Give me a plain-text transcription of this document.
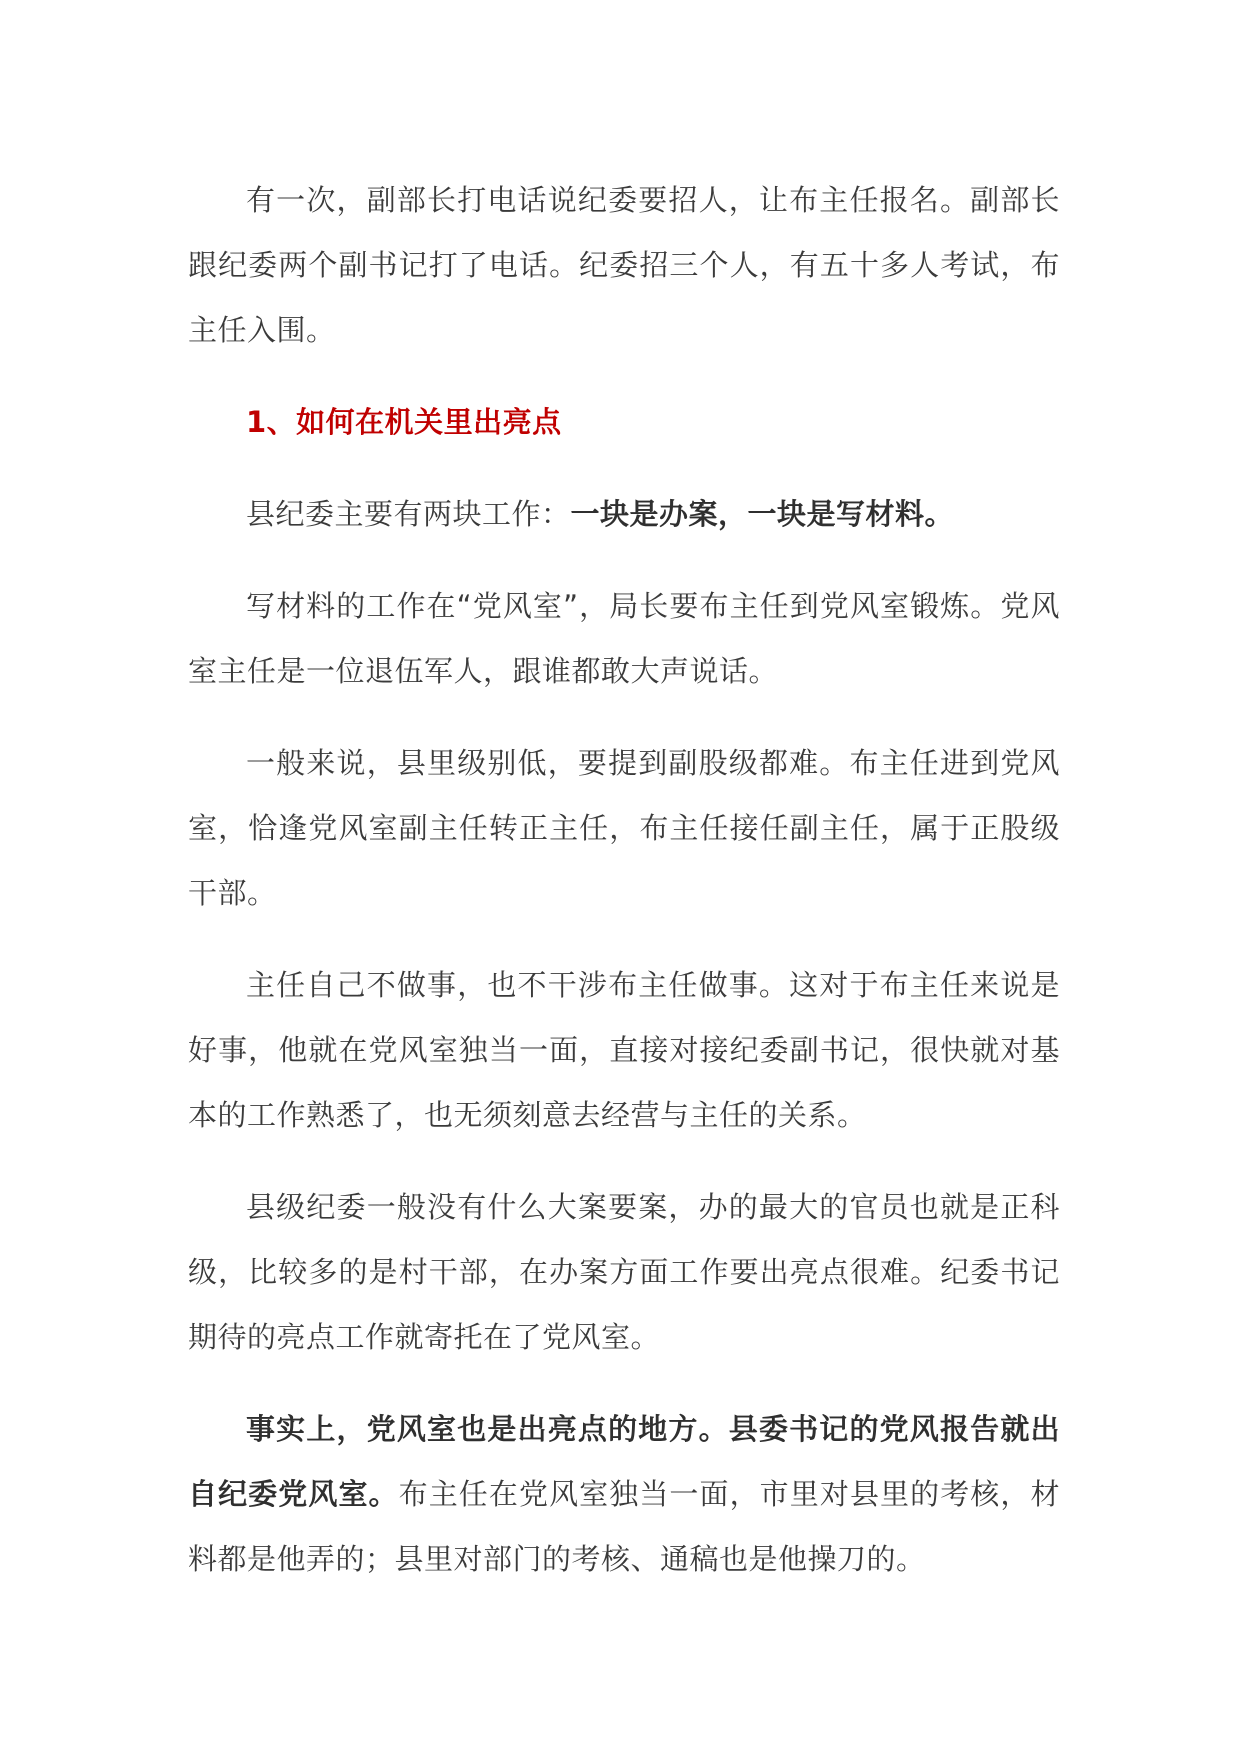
有一次，副部长打电话说纪委要招人，让布主任报名。副部长跟纪委两个副书记打了电话。纪委招三个人，有五十多人考试，布主任入围。

1、如何在机关里出亮点

县纪委主要有两块工作：一块是办案，一块是写材料。

写材料的工作在“党风室”，局长要布主任到党风室锻炼。党风室主任是一位退伍军人，跟谁都敢大声说话。

一般来说，县里级别低，要提到副股级都难。布主任进到党风室，恰逢党风室副主任转正主任，布主任接任副主任，属于正股级干部。

主任自己不做事，也不干涉布主任做事。这对于布主任来说是好事，他就在党风室独当一面，直接对接纪委副书记，很快就对基本的工作熟悉了，也无须刻意去经营与主任的关系。

县级纪委一般没有什么大案要案，办的最大的官员也就是正科级，比较多的是村干部，在办案方面工作要出亮点很难。纪委书记期待的亮点工作就寄托在了党风室。

事实上，党风室也是出亮点的地方。县委书记的党风报告就出自纪委党风室。布主任在党风室独当一面，市里对县里的考核，材料都是他弄的；县里对部门的考核、通稿也是他操刀的。
